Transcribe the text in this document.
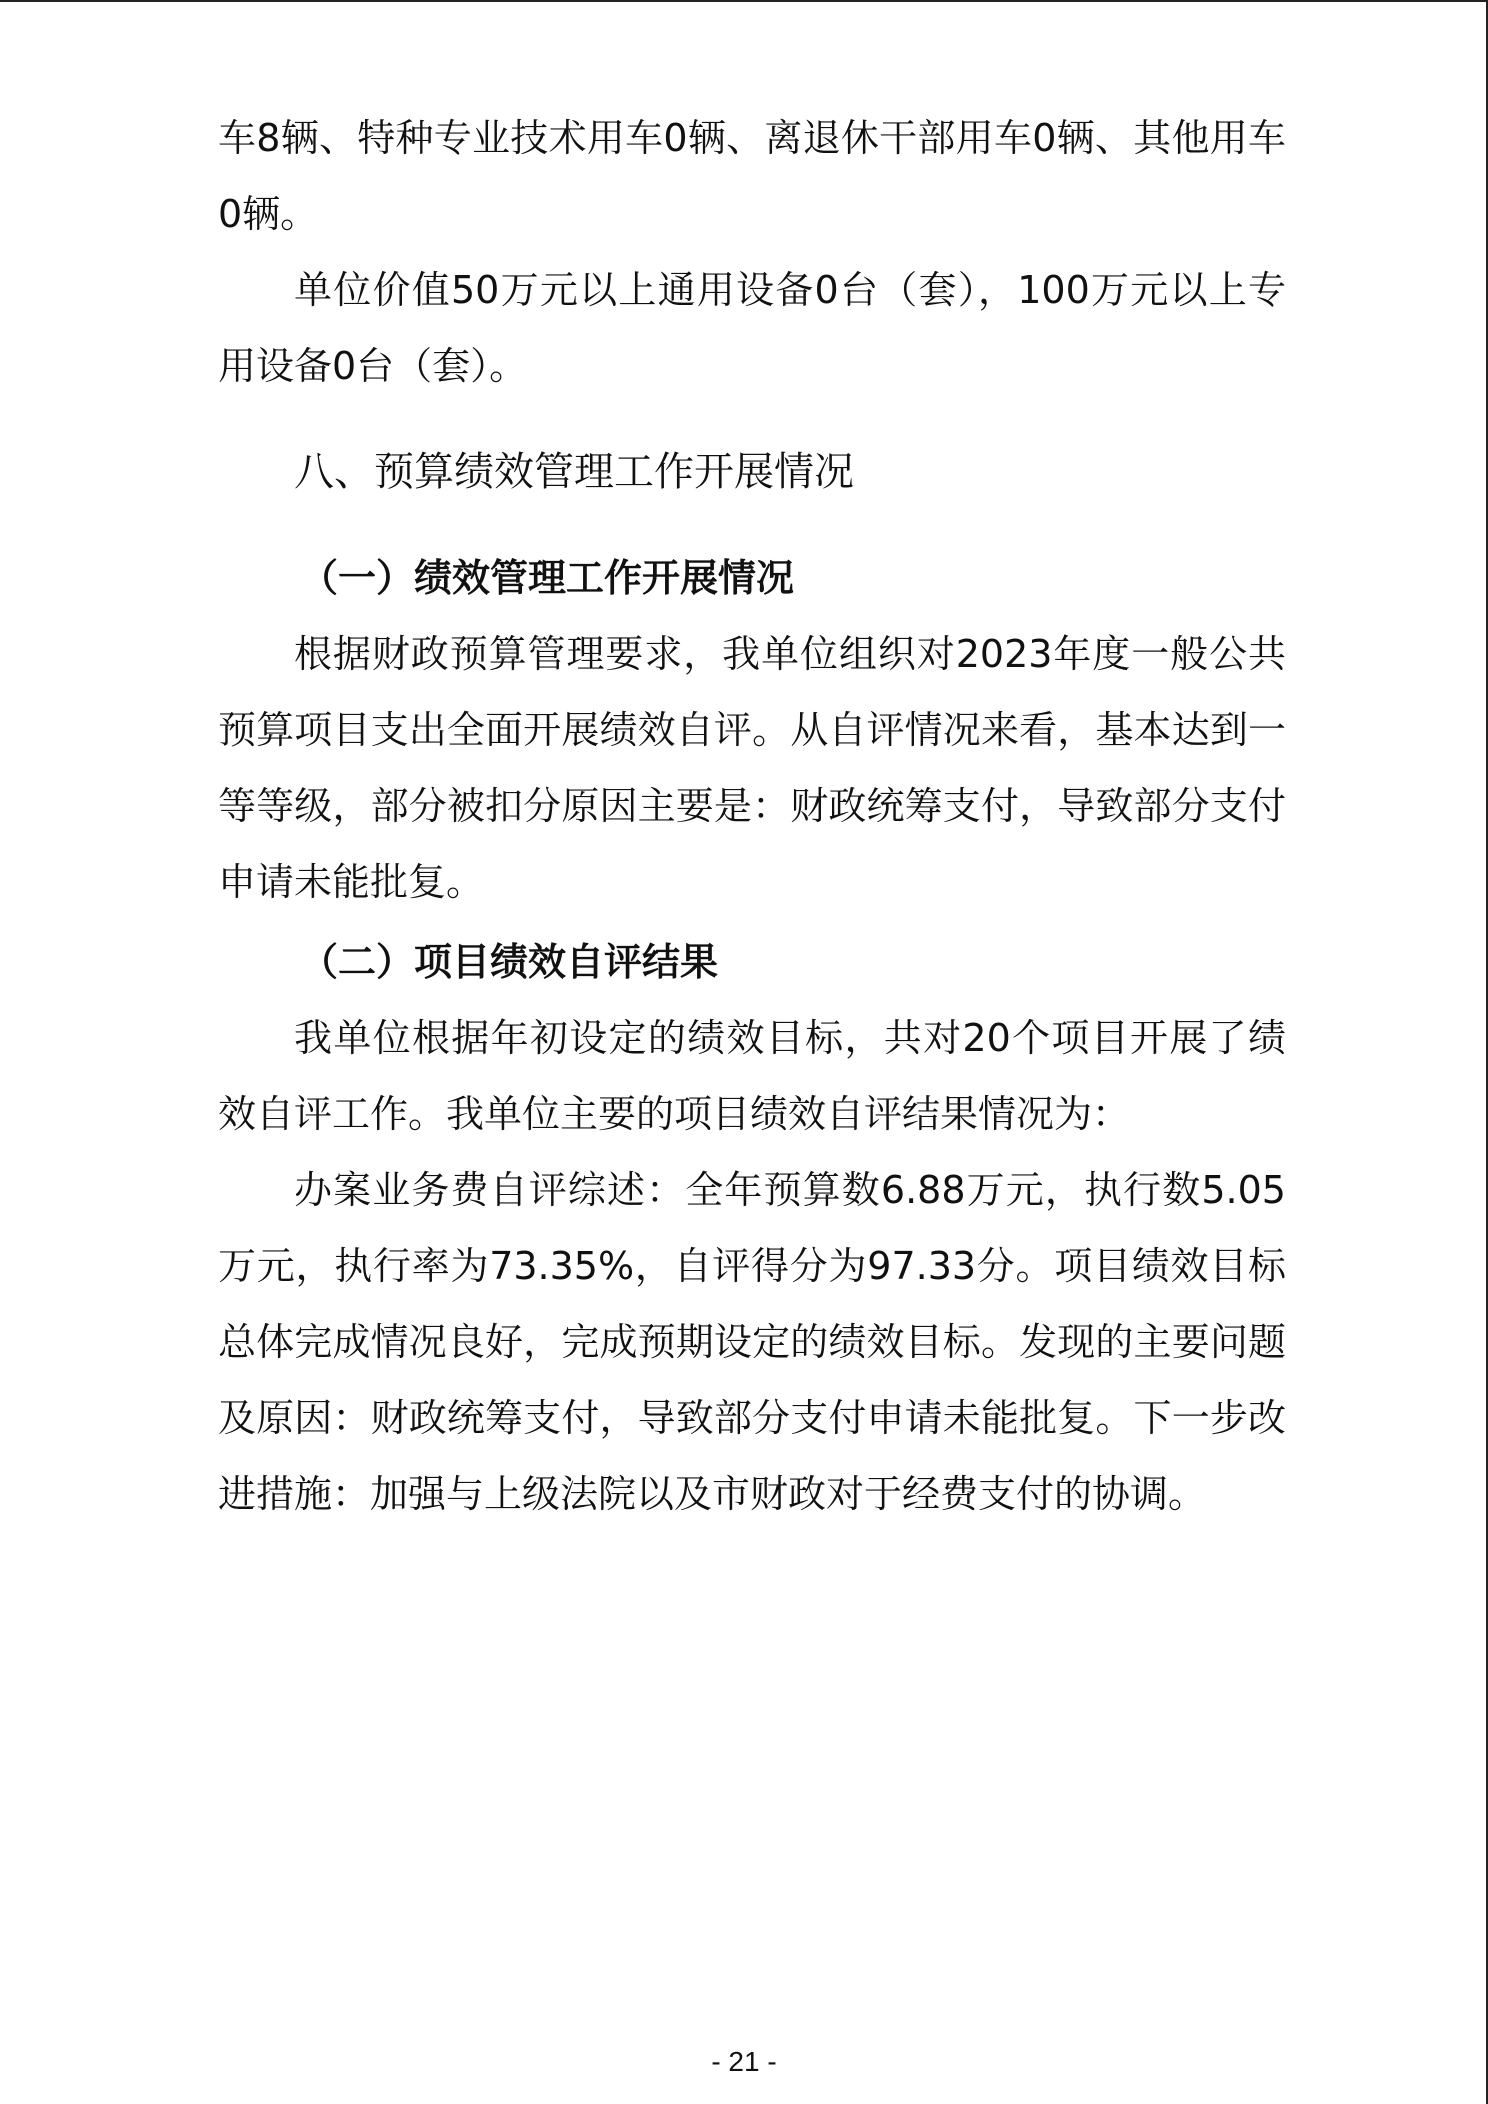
车8辆、特种专业技术用车0辆、离退休干部用车0辆、其他用车0辆。

单位价值50万元以上通用设备0台（套），100万元以上专用设备0台（套）。

八、预算绩效管理工作开展情况
（一）绩效管理工作开展情况

根据财政预算管理要求，我单位组织对2023年度一般公共预算项目支出全面开展绩效自评。从自评情况来看，基本达到一等等级，部分被扣分原因主要是：财政统筹支付，导致部分支付申请未能批复。

（二）项目绩效自评结果

我单位根据年初设定的绩效目标，共对20个项目开展了绩效自评工作。我单位主要的项目绩效自评结果情况为：

办案业务费自评综述：全年预算数6.88万元，执行数5.05万元，执行率为73.35%，自评得分为97.33分。项目绩效目标总体完成情况良好，完成预期设定的绩效目标。发现的主要问题及原因：财政统筹支付，导致部分支付申请未能批复。下一步改进措施：加强与上级法院以及市财政对于经费支付的协调。

- 21 -
